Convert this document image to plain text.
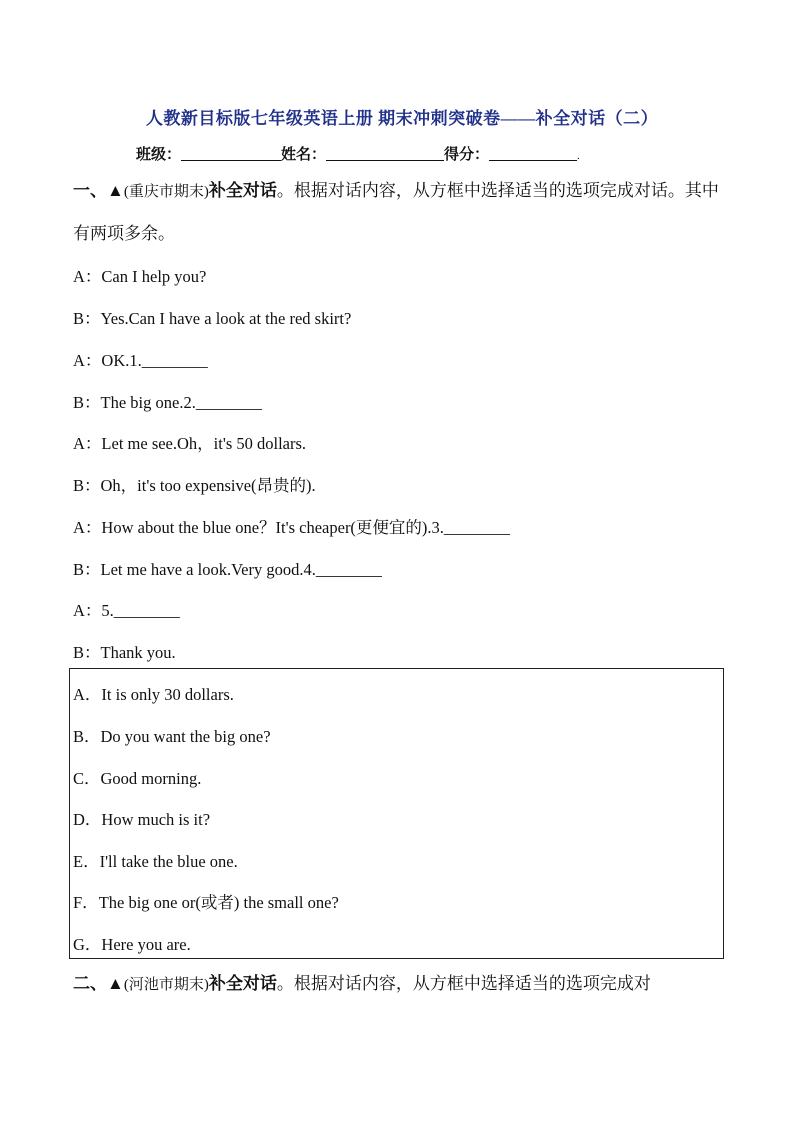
人教新目标版七年级英语上册 期末冲刺突破卷——补全对话（二）
班级：	姓名：	得分：	.
一、▲(重庆市期末)补全对话。根据对话内容，从方框中选择适当的选项完成对话。其中有两项多余。
A：Can I help you?
B：Yes.Can I have a look at the red skirt?
A：OK.1.________
B：The big one.2.________
A：Let me see.Oh，it's 50 dollars.
B：Oh，it's too expensive(昂贵的).
A：How about the blue one？It's cheaper(更便宜的).3.________
B：Let me have a look.Very good.4.________
A：5.________
B：Thank you.
A．It is only 30 dollars.
B．Do you want the big one?
C．Good morning.
D．How much is it?
E．I'll take the blue one.
F．The big one or(或者) the small one?
G．Here you are.
二、▲(河池市期末)补全对话。根据对话内容，从方框中选择适当的选项完成对
